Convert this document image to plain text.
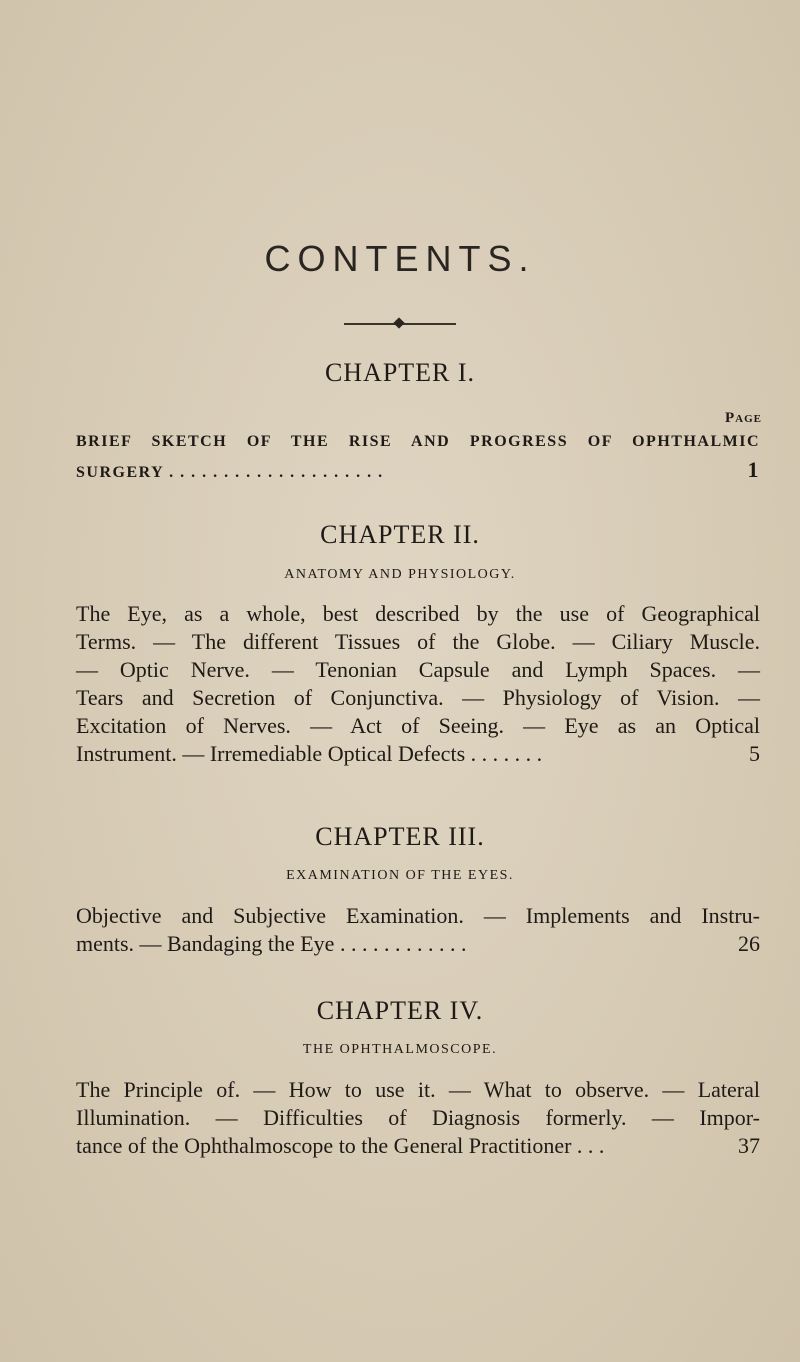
CONTENTS.
CHAPTER I.
Page
BRIEF SKETCH OF THE RISE AND PROGRESS OF OPHTHALMIC
SURGERY . . . . . . . . . . . . . . . . . . . .	1
CHAPTER II.
ANATOMY AND PHYSIOLOGY.
The Eye, as a whole, best described by the use of Geographical
Terms. — The different Tissues of the Globe. — Ciliary Muscle.
— Optic Nerve. — Tenonian Capsule and Lymph Spaces. —
Tears and Secretion of Conjunctiva. — Physiology of Vision. —
Excitation of Nerves. — Act of Seeing. — Eye as an Optical
Instrument. — Irremediable Optical Defects . . . . . . .	5
CHAPTER III.
EXAMINATION OF THE EYES.
Objective and Subjective Examination. — Implements and Instru-
ments. — Bandaging the Eye . . . . . . . . . . . .	26
CHAPTER IV.
THE OPHTHALMOSCOPE.
The Principle of. — How to use it. — What to observe. — Lateral
Illumination. — Difficulties of Diagnosis formerly. — Impor-
tance of the Ophthalmoscope to the General Practitioner . . .	37
